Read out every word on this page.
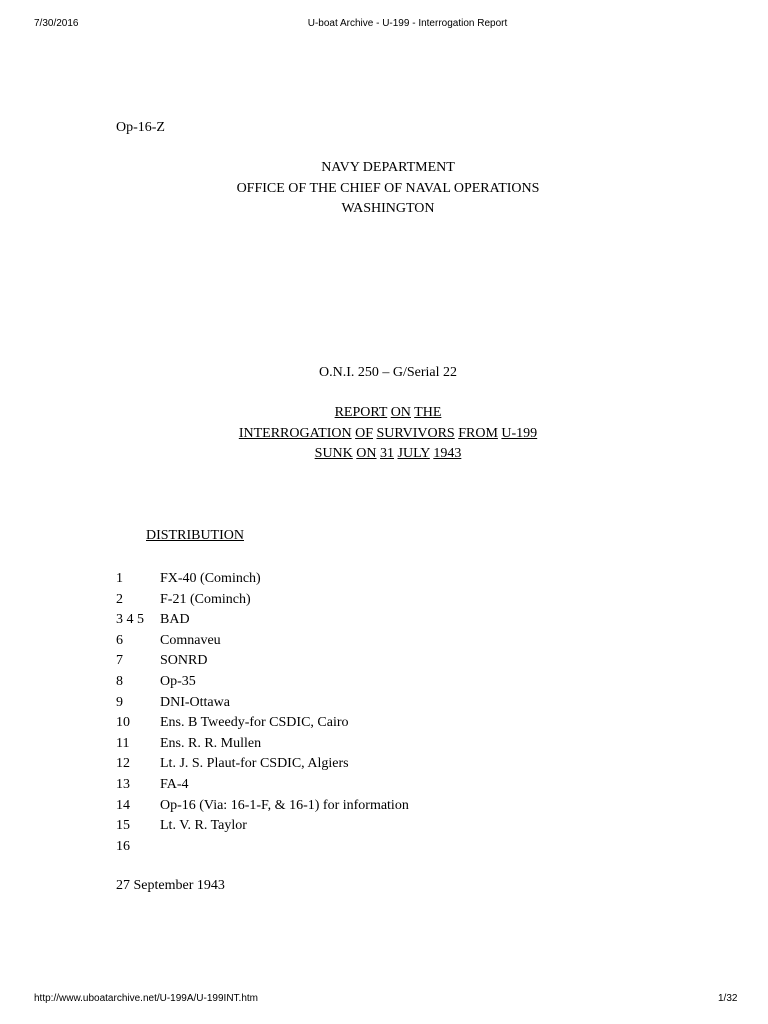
7/30/2016	U-boat Archive - U-199 - Interrogation Report
Op-16-Z
NAVY DEPARTMENT
OFFICE OF THE CHIEF OF NAVAL OPERATIONS
WASHINGTON
O.N.I. 250 – G/Serial 22
REPORT ON THE
INTERROGATION OF SURVIVORS FROM U-199
SUNK ON 31 JULY 1943
DISTRIBUTION
1	FX-40 (Cominch)
2	F-21 (Cominch)
3 4 5 BAD
6	Comnaveu
7	SONRD
8	Op-35
9	DNI-Ottawa
10 Ens. B Tweedy-for CSDIC, Cairo
11 Ens. R. R. Mullen
12 Lt. J. S. Plaut-for CSDIC, Algiers
13 FA-4
14 Op-16 (Via: 16-1-F, & 16-1) for information
15 Lt. V. R. Taylor
16
27 September 1943
http://www.uboatarchive.net/U-199A/U-199INT.htm	1/32
